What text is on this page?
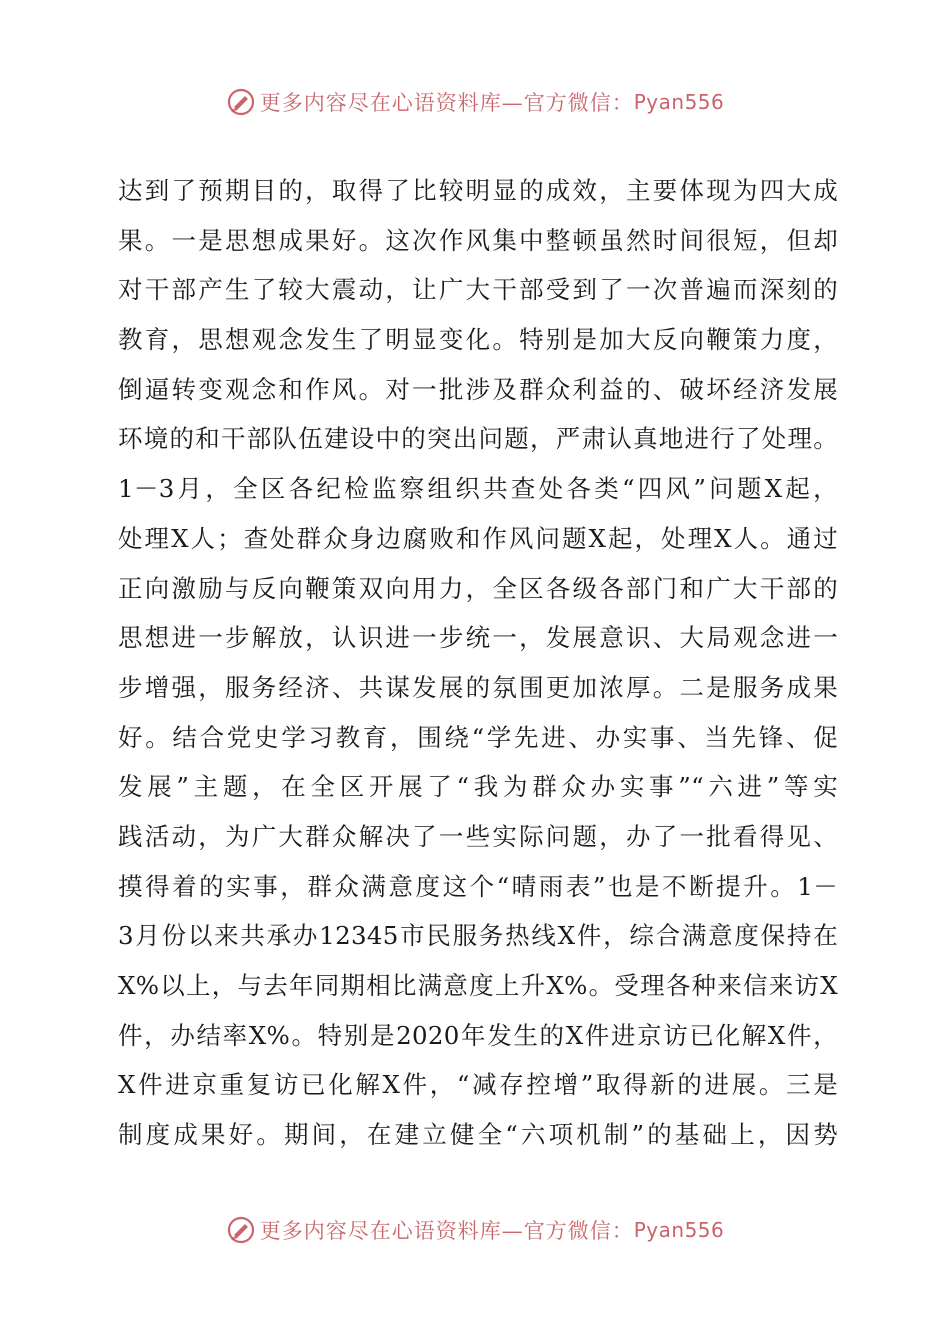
更多内容尽在心语资料库—官方微信： Pyan556
达到了预期目的，取得了比较明显的成效，主要体现为四大成
果。一是思想成果好。这次作风集中整顿虽然时间很短，但却
对干部产生了较大震动，让广大干部受到了一次普遍而深刻的
教育，思想观念发生了明显变化。特别是加大反向鞭策力度，
倒逼转变观念和作风。对一批涉及群众利益的、破坏经济发展
环境的和干部队伍建设中的突出问题，严肃认真地进行了处理。
1－3月，全区各纪检监察组织共查处各类“四风”问题X起，
处理X人；查处群众身边腐败和作风问题X起，处理X人。通过
正向激励与反向鞭策双向用力，全区各级各部门和广大干部的
思想进一步解放，认识进一步统一，发展意识、大局观念进一
步增强，服务经济、共谋发展的氛围更加浓厚。二是服务成果
好。结合党史学习教育，围绕“学先进、办实事、当先锋、促
发展”主题，在全区开展了“我为群众办实事”“六进”等实
践活动，为广大群众解决了一些实际问题，办了一批看得见、
摸得着的实事，群众满意度这个“晴雨表”也是不断提升。1－
3月份以来共承办12345市民服务热线X件，综合满意度保持在
X%以上，与去年同期相比满意度上升X%。受理各种来信来访X
件，办结率X%。特别是2020年发生的X件进京访已化解X件，
X件进京重复访已化解X件，“减存控增”取得新的进展。三是
制度成果好。期间，在建立健全“六项机制”的基础上，因势
更多内容尽在心语资料库—官方微信： Pyan556
